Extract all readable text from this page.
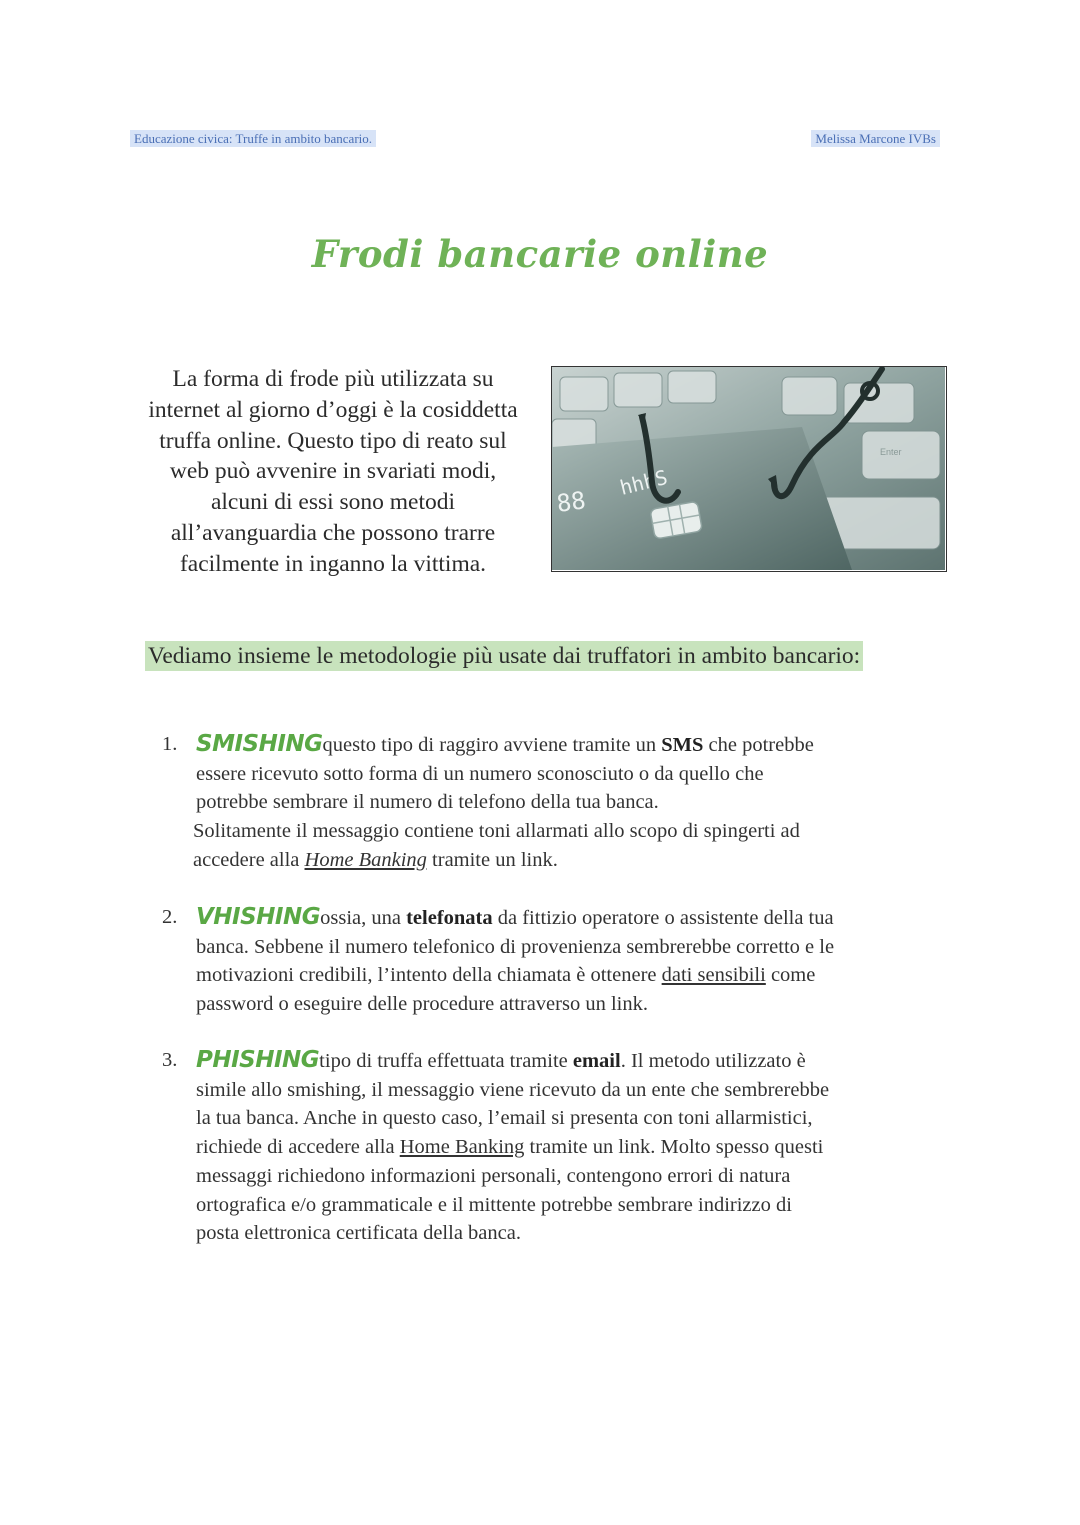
Educazione civica: Truffe in ambito bancario.	Melissa Marcone IVBs
Frodi bancarie online
La forma di frode più utilizzata su
internet al giorno d’oggi è la cosiddetta
truffa online. Questo tipo di reato sul
web può avvenire in svariati modi,
alcuni di essi sono metodi
all’avanguardia che possono trarre
facilmente in inganno la vittima.
Enter
88
hhhS
Vediamo insieme le metodologie più usate dai truffatori in ambito bancario:
1. SMISHINGquesto tipo di raggiro avviene tramite un SMS che potrebbe
essere ricevuto sotto forma di un numero sconosciuto o da quello che
potrebbe sembrare il numero di telefono della tua banca.
Solitamente il messaggio contiene toni allarmati allo scopo di spingerti ad
accedere alla Home Banking tramite un link.
2. VHISHINGossia, una telefonata da fittizio operatore o assistente della tua
banca. Sebbene il numero telefonico di provenienza sembrerebbe corretto e le
motivazioni credibili, l’intento della chiamata è ottenere dati sensibili come
password o eseguire delle procedure attraverso un link.
3. PHISHINGtipo di truffa effettuata tramite email. Il metodo utilizzato è
simile allo smishing, il messaggio viene ricevuto da un ente che sembrerebbe
la tua banca. Anche in questo caso, l’email si presenta con toni allarmistici,
richiede di accedere alla Home Banking tramite un link. Molto spesso questi
messaggi richiedono informazioni personali, contengono errori di natura
ortografica e/o grammaticale e il mittente potrebbe sembrare indirizzo di
posta elettronica certificata della banca.
